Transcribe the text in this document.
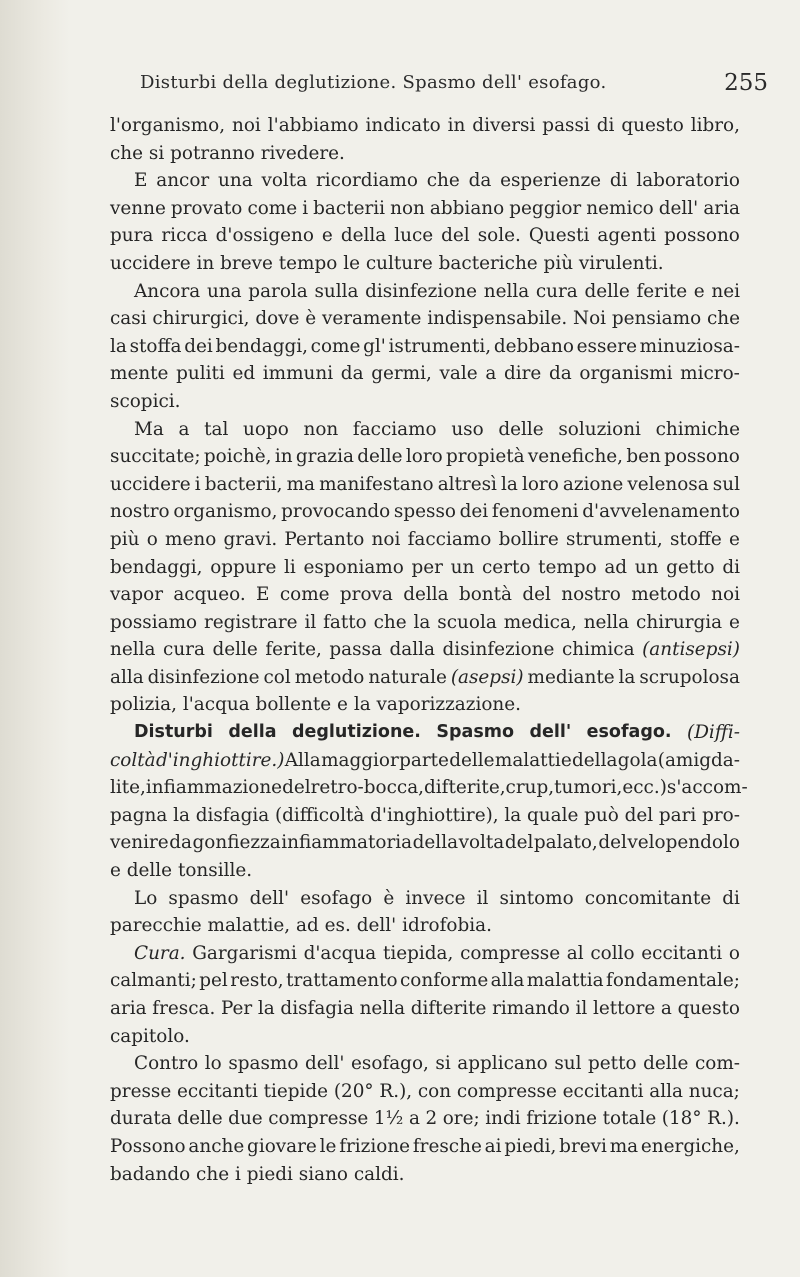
Disturbi della deglutizione. Spasmo dell' esofago.	255
l'organismo, noi l'abbiamo indicato in diversi passi di questo libro,
che si potranno rivedere.
E ancor una volta ricordiamo che da esperienze di laboratorio
venne provato come i bacterii non abbiano peggior nemico dell' aria
pura ricca d'ossigeno e della luce del sole. Questi agenti possono
uccidere in breve tempo le culture bacteriche più virulenti.
Ancora una parola sulla disinfezione nella cura delle ferite e nei
casi chirurgici, dove è veramente indispensabile. Noi pensiamo che
la stoffa dei bendaggi, come gl' istrumenti, debbano essere minuziosa-
mente puliti ed immuni da germi, vale a dire da organismi micro-
scopici.
Ma a tal uopo non facciamo uso delle soluzioni chimiche
succitate; poichè, in grazia delle loro propietà venefiche, ben possono
uccidere i bacterii, ma manifestano altresì la loro azione velenosa sul
nostro organismo, provocando spesso dei fenomeni d'avvelenamento
più o meno gravi. Pertanto noi facciamo bollire strumenti, stoffe e
bendaggi, oppure li esponiamo per un certo tempo ad un getto di
vapor acqueo. E come prova della bontà del nostro metodo noi
possiamo registrare il fatto che la scuola medica, nella chirurgia e
nella cura delle ferite, passa dalla disinfezione chimica (antisepsi)
alla disinfezione col metodo naturale (asepsi) mediante la scrupolosa
polizia, l'acqua bollente e la vaporizzazione.
Disturbi della deglutizione. Spasmo dell' esofago. (Diffi-
coltà d'inghiottire.) Alla maggior parte delle malattie della gola (amigda-
lite, infiammazione del retro-bocca, difterite, crup, tumori, ecc.) s'accom-
pagna la disfagia (difficoltà d'inghiottire), la quale può del pari pro-
venire da gonfiezza infiammatoria della volta del palato, del velopendolo
e delle tonsille.
Lo spasmo dell' esofago è invece il sintomo concomitante di
parecchie malattie, ad es. dell' idrofobia.
Cura. Gargarismi d'acqua tiepida, compresse al collo eccitanti o
calmanti; pel resto, trattamento conforme alla malattia fondamentale;
aria fresca. Per la disfagia nella difterite rimando il lettore a questo
capitolo.
Contro lo spasmo dell' esofago, si applicano sul petto delle com-
presse eccitanti tiepide (20° R.), con compresse eccitanti alla nuca;
durata delle due compresse 1½ a 2 ore; indi frizione totale (18° R.).
Possono anche giovare le frizione fresche ai piedi, brevi ma energiche,
badando che i piedi siano caldi.
